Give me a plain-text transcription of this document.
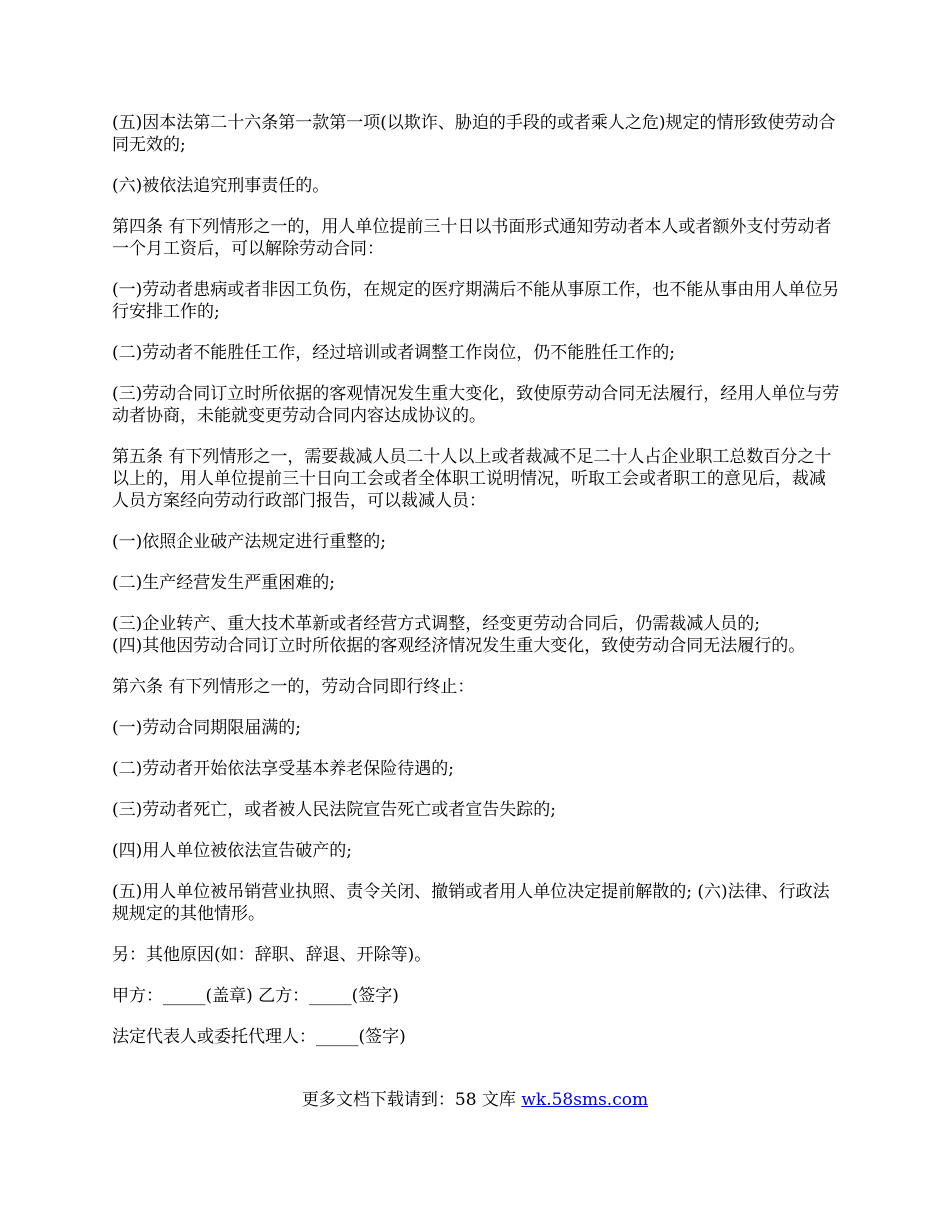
(五)因本法第二十六条第一款第一项(以欺诈、胁迫的手段的或者乘人之危)规定的情形致使劳动合同无效的;

(六)被依法追究刑事责任的。

第四条 有下列情形之一的，用人单位提前三十日以书面形式通知劳动者本人或者额外支付劳动者一个月工资后，可以解除劳动合同：

(一)劳动者患病或者非因工负伤，在规定的医疗期满后不能从事原工作，也不能从事由用人单位另行安排工作的;

(二)劳动者不能胜任工作，经过培训或者调整工作岗位，仍不能胜任工作的;

(三)劳动合同订立时所依据的客观情况发生重大变化，致使原劳动合同无法履行，经用人单位与劳动者协商，未能就变更劳动合同内容达成协议的。

第五条 有下列情形之一，需要裁减人员二十人以上或者裁减不足二十人占企业职工总数百分之十以上的，用人单位提前三十日向工会或者全体职工说明情况，听取工会或者职工的意见后，裁减人员方案经向劳动行政部门报告，可以裁减人员：

(一)依照企业破产法规定进行重整的;

(二)生产经营发生严重困难的;

(三)企业转产、重大技术革新或者经营方式调整，经变更劳动合同后，仍需裁减人员的;

(四)其他因劳动合同订立时所依据的客观经济情况发生重大变化，致使劳动合同无法履行的。

第六条 有下列情形之一的，劳动合同即行终止：

(一)劳动合同期限届满的;

(二)劳动者开始依法享受基本养老保险待遇的;

(三)劳动者死亡，或者被人民法院宣告死亡或者宣告失踪的;

(四)用人单位被依法宣告破产的;

(五)用人单位被吊销营业执照、责令关闭、撤销或者用人单位决定提前解散的; (六)法律、行政法规规定的其他情形。

另：其他原因(如：辞职、辞退、开除等)。

甲方：_____(盖章) 乙方：_____(签字)

法定代表人或委托代理人：_____(签字)

更多文档下载请到：58 文库 wk.58sms.com
